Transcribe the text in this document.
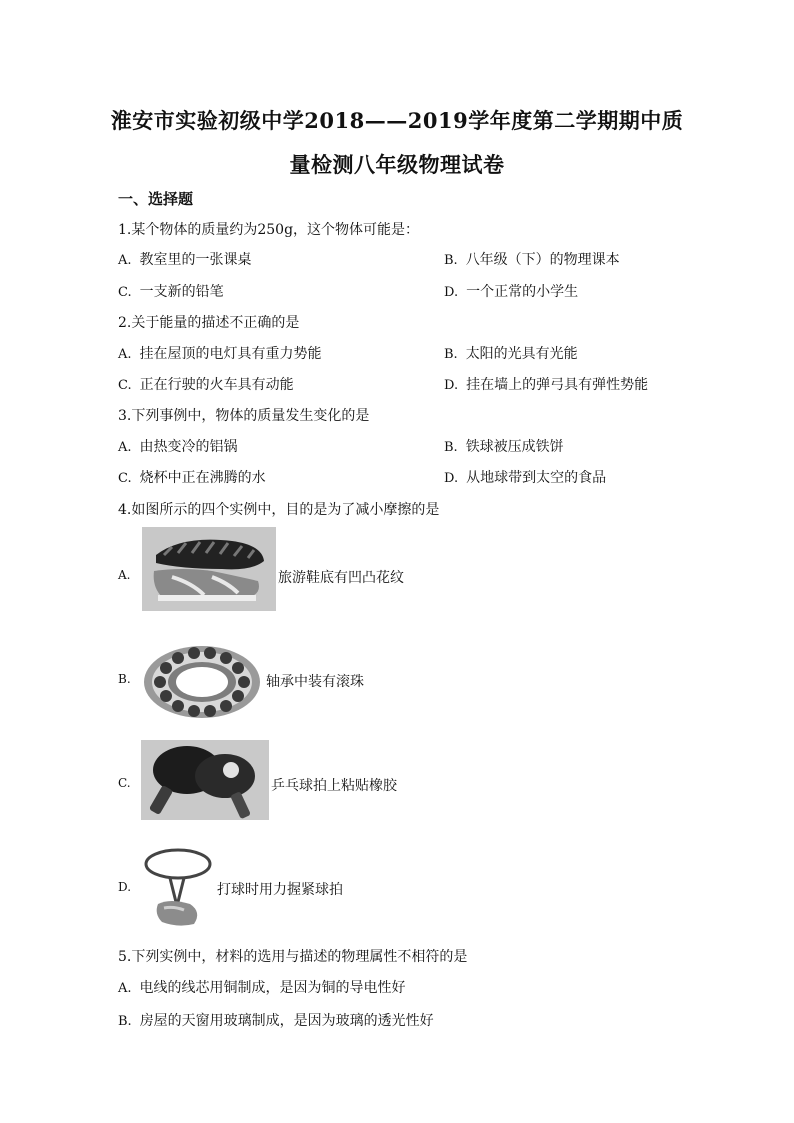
淮安市实验初级中学2018——2019学年度第二学期期中质
量检测八年级物理试卷
一、选择题
1.某个物体的质量约为250g，这个物体可能是：
A. 教室里的一张课桌	B. 八年级（下）的物理课本
C. 一支新的铅笔	D. 一个正常的小学生
2.关于能量的描述不正确的是
A. 挂在屋顶的电灯具有重力势能	B. 太阳的光具有光能
C. 正在行驶的火车具有动能	D. 挂在墙上的弹弓具有弹性势能
3.下列事例中，物体的质量发生变化的是
A. 由热变冷的铝锅	B. 铁球被压成铁饼
C. 烧杯中正在沸腾的水	D. 从地球带到太空的食品
4.如图所示的四个实例中，目的是为了减小摩擦的是
A.	旅游鞋底有凹凸花纹
B.	轴承中装有滚珠
C.	乒乓球拍上粘贴橡胶
D.	打球时用力握紧球拍
5.下列实例中，材料的选用与描述的物理属性不相符的是
A. 电线的线芯用铜制成，是因为铜的导电性好
B. 房屋的天窗用玻璃制成，是因为玻璃的透光性好
